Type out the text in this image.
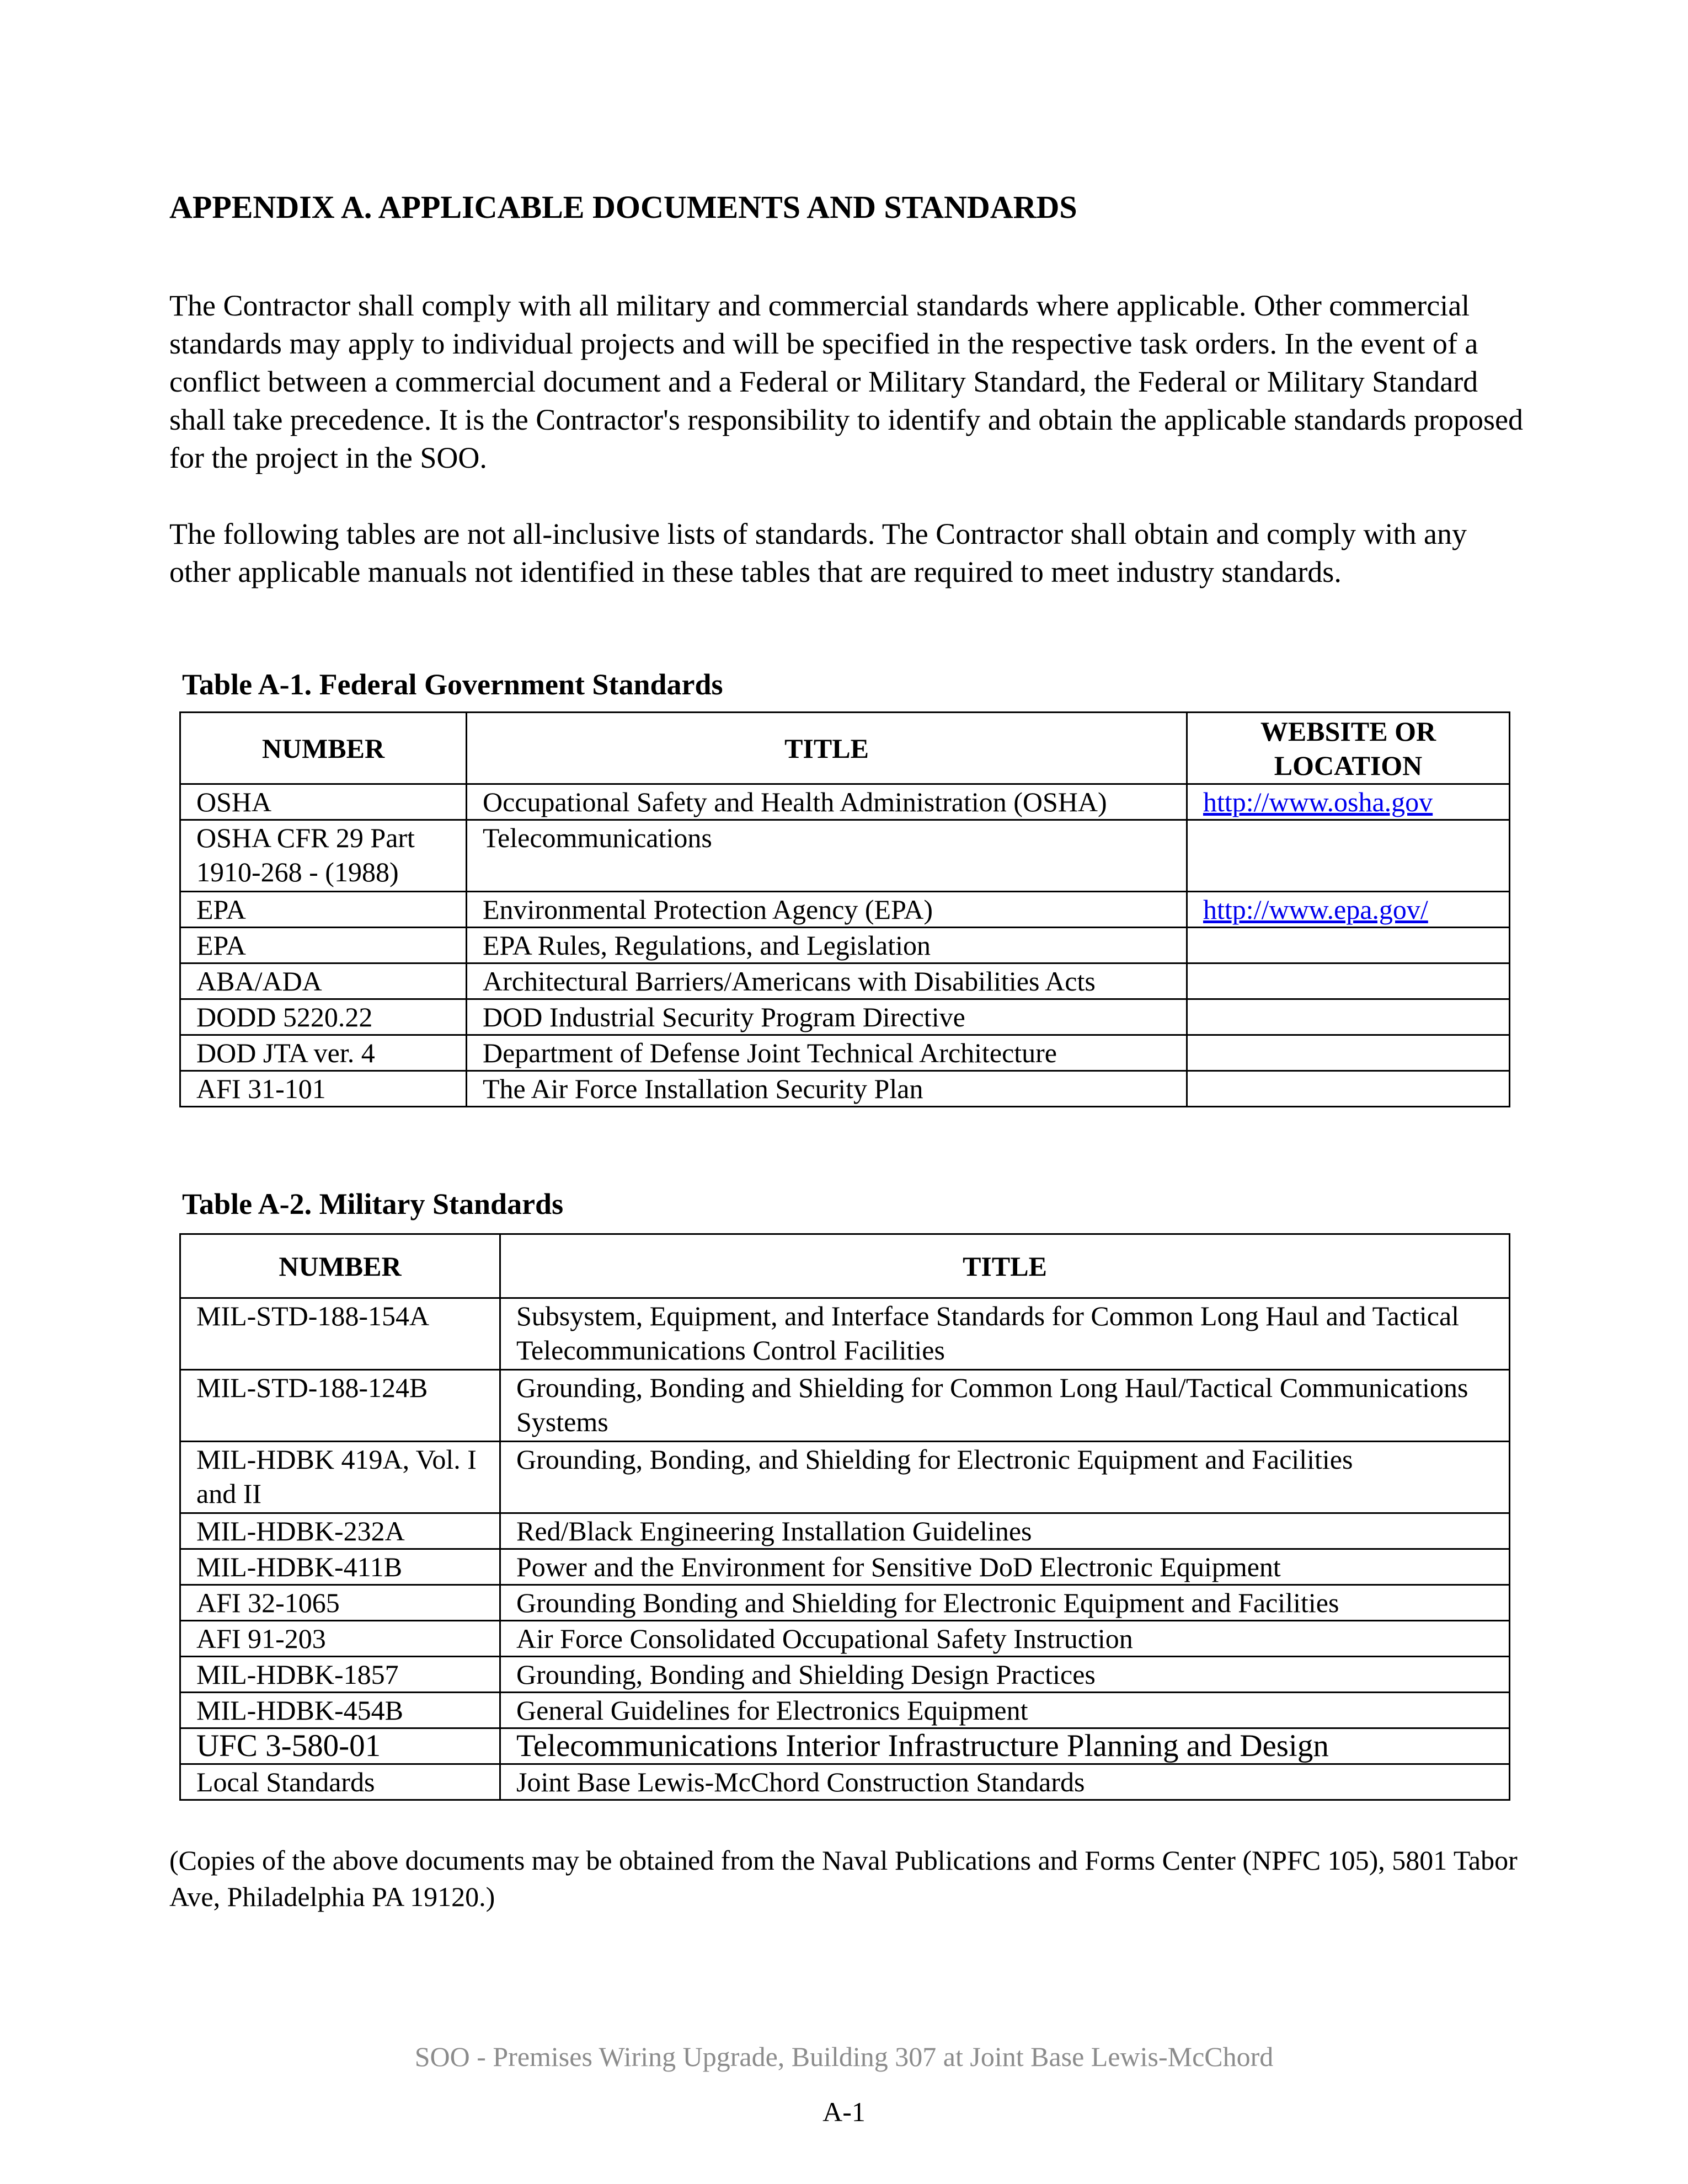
APPENDIX A. APPLICABLE DOCUMENTS AND STANDARDS

The Contractor shall comply with all military and commercial standards where applicable. Other commercial standards may apply to individual projects and will be specified in the respective task orders. In the event of a conflict between a commercial document and a Federal or Military Standard, the Federal or Military Standard shall take precedence. It is the Contractor's responsibility to identify and obtain the applicable standards proposed for the project in the SOO.

The following tables are not all-inclusive lists of standards. The Contractor shall obtain and comply with any other applicable manuals not identified in these tables that are required to meet industry standards.

Table A-1. Federal Government Standards
NUMBER	TITLE	WEBSITE OR LOCATION
OSHA	Occupational Safety and Health Administration (OSHA)	http://www.osha.gov
OSHA CFR 29 Part 1910-268 - (1988)	Telecommunications	
EPA	Environmental Protection Agency (EPA)	http://www.epa.gov/
EPA	EPA Rules, Regulations, and Legislation	
ABA/ADA	Architectural Barriers/Americans with Disabilities Acts	
DODD 5220.22	DOD Industrial Security Program Directive	
DOD JTA ver. 4	Department of Defense Joint Technical Architecture	
AFI 31-101	The Air Force Installation Security Plan	
Table A-2. Military Standards
NUMBER	TITLE
MIL-STD-188-154A	Subsystem, Equipment, and Interface Standards for Common Long Haul and Tactical Telecommunications Control Facilities
MIL-STD-188-124B	Grounding, Bonding and Shielding for Common Long Haul/Tactical Communications Systems
MIL-HDBK 419A, Vol. I and II	Grounding, Bonding, and Shielding for Electronic Equipment and Facilities
MIL-HDBK-232A	Red/Black Engineering Installation Guidelines
MIL-HDBK-411B	Power and the Environment for Sensitive DoD Electronic Equipment
AFI 32-1065	Grounding Bonding and Shielding for Electronic Equipment and Facilities
AFI 91-203	Air Force Consolidated Occupational Safety Instruction
MIL-HDBK-1857	Grounding, Bonding and Shielding Design Practices
MIL-HDBK-454B	General Guidelines for Electronics Equipment
UFC 3-580-01	Telecommunications Interior Infrastructure Planning and Design
Local Standards	Joint Base Lewis-McChord Construction Standards

(Copies of the above documents may be obtained from the Naval Publications and Forms Center (NPFC 105), 5801 Tabor Ave, Philadelphia PA 19120.)

SOO - Premises Wiring Upgrade, Building 307 at Joint Base Lewis-McChord
A-1
